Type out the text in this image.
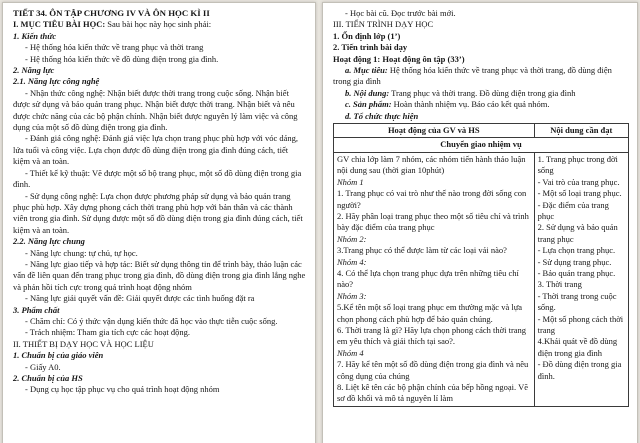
TIẾT 34. ÔN TẬP CHƯƠNG IV VÀ ÔN HỌC KÌ II
I. MỤC TIÊU BÀI HỌC: Sau bài học này học sinh phải:
1. Kiến thức
- Hệ thống hóa kiến thức về trang phục và thời trang
- Hệ thống hóa kiến thức về đồ dùng điện trong gia đình.
2. Năng lực
2.1. Năng lực công nghệ
- Nhận thức công nghệ: Nhận biết được thời trang trong cuộc sống. Nhận biết được sử dụng và bảo quản trang phục. Nhận biết được thời trang. Nhận biết và nêu được chức năng của các bộ phận chính. Nhận biết được nguyên lý làm việc và công dụng của một số đồ dùng điện trong gia đình.
- Đánh giá công nghệ: Đánh giá việc lựa chọn trang phục phù hợp với vóc dáng, lứa tuổi và công việc. Lựa chọn được đồ dùng điện trong gia đình đúng cách, tiết kiệm và an toàn.
- Thiết kế kỹ thuật: Vẽ được một số bộ trang phục, một số đồ dùng điện trong gia đình.
- Sử dụng công nghệ: Lựa chọn được phương pháp sử dụng và bảo quản trang phục phù hợp. Xây dựng phong cách thời trang phù hợp với bản thân và các thành viên trong gia đình. Sử dụng được một số đồ dùng điện trong gia đình đúng cách, tiết kiệm và an toàn.
2.2. Năng lực chung
- Năng lực chung: tự chủ, tự học.
- Năng lực giao tiếp và hợp tác: Biết sử dụng thông tin để trình bày, thảo luận các vấn đề liên quan đến trang phục trong gia đình, đồ dùng điện trong gia đình lắng nghe và phản hồi tích cực trong quá trình hoạt động nhóm
- Năng lực giải quyết vấn đề: Giải quyết được các tình huống đặt ra
3. Phẩm chất
- Chăm chỉ: Có ý thức vận dụng kiến thức đã học vào thực tiễn cuộc sống.
- Trách nhiệm: Tham gia tích cực các hoạt động.
II. THIẾT BỊ DẠY HỌC VÀ HỌC LIỆU
1. Chuẩn bị của giáo viên
- Giấy A0.
2. Chuẩn bị của HS
- Dụng cụ học tập phục vụ cho quá trình hoạt động nhóm
- Học bài cũ. Đọc trước bài mới.
III. TIẾN TRÌNH DẠY HỌC
1. Ổn định lớp (1’)
2. Tiến trình bài dạy
Hoạt động 1: Hoạt động ôn tập (33’)
a. Mục tiêu: Hệ thống hóa kiến thức về trang phục và thời trang, đồ dùng điện trong gia đình
b. Nội dung: Trang phục và thời trang. Đồ dùng điện trong gia đình
c. Sản phẩm: Hoàn thành nhiệm vụ. Báo cáo kết quả nhóm.
d. Tổ chức thực hiện
Hoạt động của GV và HS	Nội dung cần đạt
Chuyển giao nhiệm vụ	

GV chia lớp làm 7 nhóm, các nhóm tiến hành thảo luận nội dung sau (thời gian 10phút)
Nhóm 1
1. Trang phục có vai trò như thế nào trong đời sống con người?
2. Hãy phân loại trang phục theo một số tiêu chí và trình bày đặc điểm của trang phục
Nhóm 2:
3.Trang phục có thể được làm từ các loại vải nào?
Nhóm 4:
4. Có thể lựa chọn trang phục dựa trên những tiêu chí nào?
Nhóm 3:
5.Kể tên một số loại trang phục em thường mặc và lựa chọn phong cách phù hợp để bảo quản chúng.
6. Thời trang là gì? Hãy lựa chọn phong cách thời trang em yêu thích và giải thích tại sao?.
Nhóm 4
7. Hãy kể tên một số đồ dùng điện trong gia đình và nêu công dụng của chúng
8. Liệt kê tên các bộ phận chính của bếp hồng ngoại. Vẽ sơ đồ khối và mô tả nguyên lí làm

1. Trang phục trong đời sống
- Vai trò của trang phục.
- Một số loại trang phục.
- Đặc điểm của trang phục
2. Sử dụng và bảo quản trang phục
- Lựa chọn trang phục.
- Sử dụng trang phục.
- Bảo quản trang phục.
3. Thời trang
- Thời trang trong cuộc sống.
- Một số phong cách thời trang
4.Khái quát về đồ dùng điện trong gia đình
- Đồ dùng điện trong gia đình.
